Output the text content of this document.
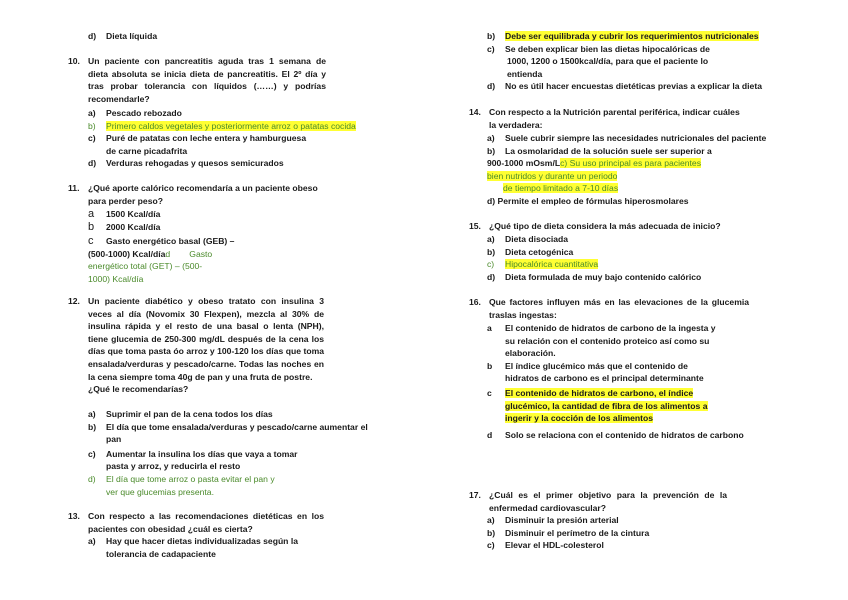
d)	Dieta líquida
10. Un paciente con pancreatitis aguda tras 1 semana de dieta absoluta se inicia dieta de pancreatitis. El 2º día y tras probar tolerancia con líquidos (……) y podrías recomendarle?
a)	Pescado rebozado
b)	Primero caldos vegetales y posteriormente arroz o patatas cocida
c)	Puré de patatas con leche entera y hamburguesa

de carne picadafrita

d)	Verduras rehogadas y quesos semicurados
11. ¿Qué aporte calórico recomendaría a un paciente obeso para perder peso?
a	1500 Kcal/día
b	2000 Kcal/día
c	Gasto energético basal (GEB) –

(500-1000) Kcal/díad        Gasto

energético total (GET) – (500-

1000) Kcal/día

12. Un paciente diabético y obeso tratato con insulina 3 veces al día (Novomix 30 Flexpen), mezcla al 30% de insulina rápida y el resto de una basal o lenta (NPH), tiene glucemia de 250-300 mg/dL después de la cena los días que toma pasta óo arroz y 100-120 los días que toma ensalada/verduras y pescado/carne. Todas las noches en la cena siempre toma 40g de pan y una fruta de postre.

¿Qué le recomendarías?

a)	Suprimir el pan de la cena todos los días
b)	El día que tome ensalada/verduras y pescado/carne aumentar el

pan

c)	Aumentar la insulina los días que vaya a tomar

pasta y arroz, y reducirla el resto

d)	El día que tome arroz o pasta evitar el pan y

ver que glucemias presenta.

13. Con respecto a las recomendaciones dietéticas en los pacientes con obesidad ¿cuál es cierta?
a)	Hay que hacer dietas individualizadas según la

tolerancia de cadapaciente

b)	Debe ser equilibrada y cubrir los requerimientos nutricionales
c)	Se deben explicar bien las dietas hipocalóricas de

1000, 1200 o 1500kcal/día, para que el paciente lo

entienda

d)	No es útil hacer encuestas dietéticas previas a explicar la dieta
14. Con respecto a la Nutrición parental periférica, indicar cuáles la verdadera:
a)	Suele cubrir siempre las necesidades nutricionales del paciente
b)	La osmolaridad de la solución suele ser superior a

900-1000 mOsm/Lc) Su uso principal es para pacientes

bien nutridos y durante un periodo

de tiempo limitado a 7-10 días

d) Permite el empleo de fórmulas hiperosmolares

15. ¿Qué tipo de dieta considera la más adecuada de inicio?
a)	Dieta disociada
b)	Dieta cetogénica
c)	Hipocalórica cuantitativa
d)	Dieta formulada de muy bajo contenido calórico
16. Que factores influyen más en las elevaciones de la glucemia traslas ingestas:
a	El contenido de hidratos de carbono de la ingesta y

su relación con el contenido proteico así como su

elaboración.

b	El índice glucémico más que el contenido de

hidratos de carbono es el principal determinante

c	El contenido de hidratos de carbono, el índice

glucémico, la cantidad de fibra de los alimentos a

ingerir y la cocción de los alimentos

d	Solo se relaciona con el contenido de hidratos de carbono
17. ¿Cuál es el primer objetivo para la prevención de la enfermedad cardiovascular?
a)	Disminuir la presión arterial
b)	Disminuir el perímetro de la cintura
c)	Elevar el HDL-colesterol
